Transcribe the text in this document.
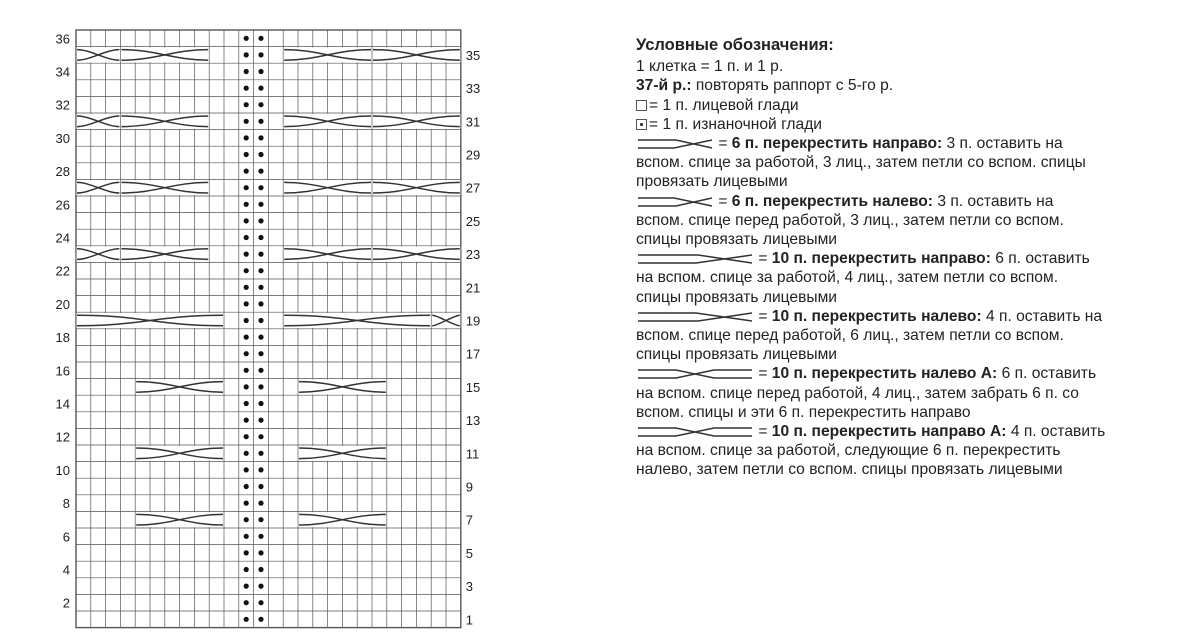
36
34
32
30
28
26
24
22
20
18
16
14
12
10
8
6
4
2
35
33
31
29
27
25
23
21
19
17
15
13
11
9
7
5
3
1
Условные обозначения:
1 клетка = 1 п. и 1 р.
37-й р.: повторять раппорт с 5-го р.
= 1 п. лицевой глади
= 1 п. изнаночной глади
= 6 п. перекрестить направо: 3 п. оставить на
вспом. спице за работой, 3 лиц., затем петли со вспом. спицы
провязать лицевыми
= 6 п. перекрестить налево: 3 п. оставить на
вспом. спице перед работой, 3 лиц., затем петли со вспом.
спицы провязать лицевыми
= 10 п. перекрестить направо: 6 п. оставить
на вспом. спице за работой, 4 лиц., затем петли со вспом.
спицы провязать лицевыми
= 10 п. перекрестить налево: 4 п. оставить на
вспом. спице перед работой, 6 лиц., затем петли со вспом.
спицы провязать лицевыми
= 10 п. перекрестить налево А: 6 п. оставить
на вспом. спице перед работой, 4 лиц., затем забрать 6 п. со
вспом. спицы и эти 6 п. перекрестить направо
= 10 п. перекрестить направо А: 4 п. оставить
на вспом. спице за работой, следующие 6 п. перекрестить
налево, затем петли со вспом. спицы провязать лицевыми
